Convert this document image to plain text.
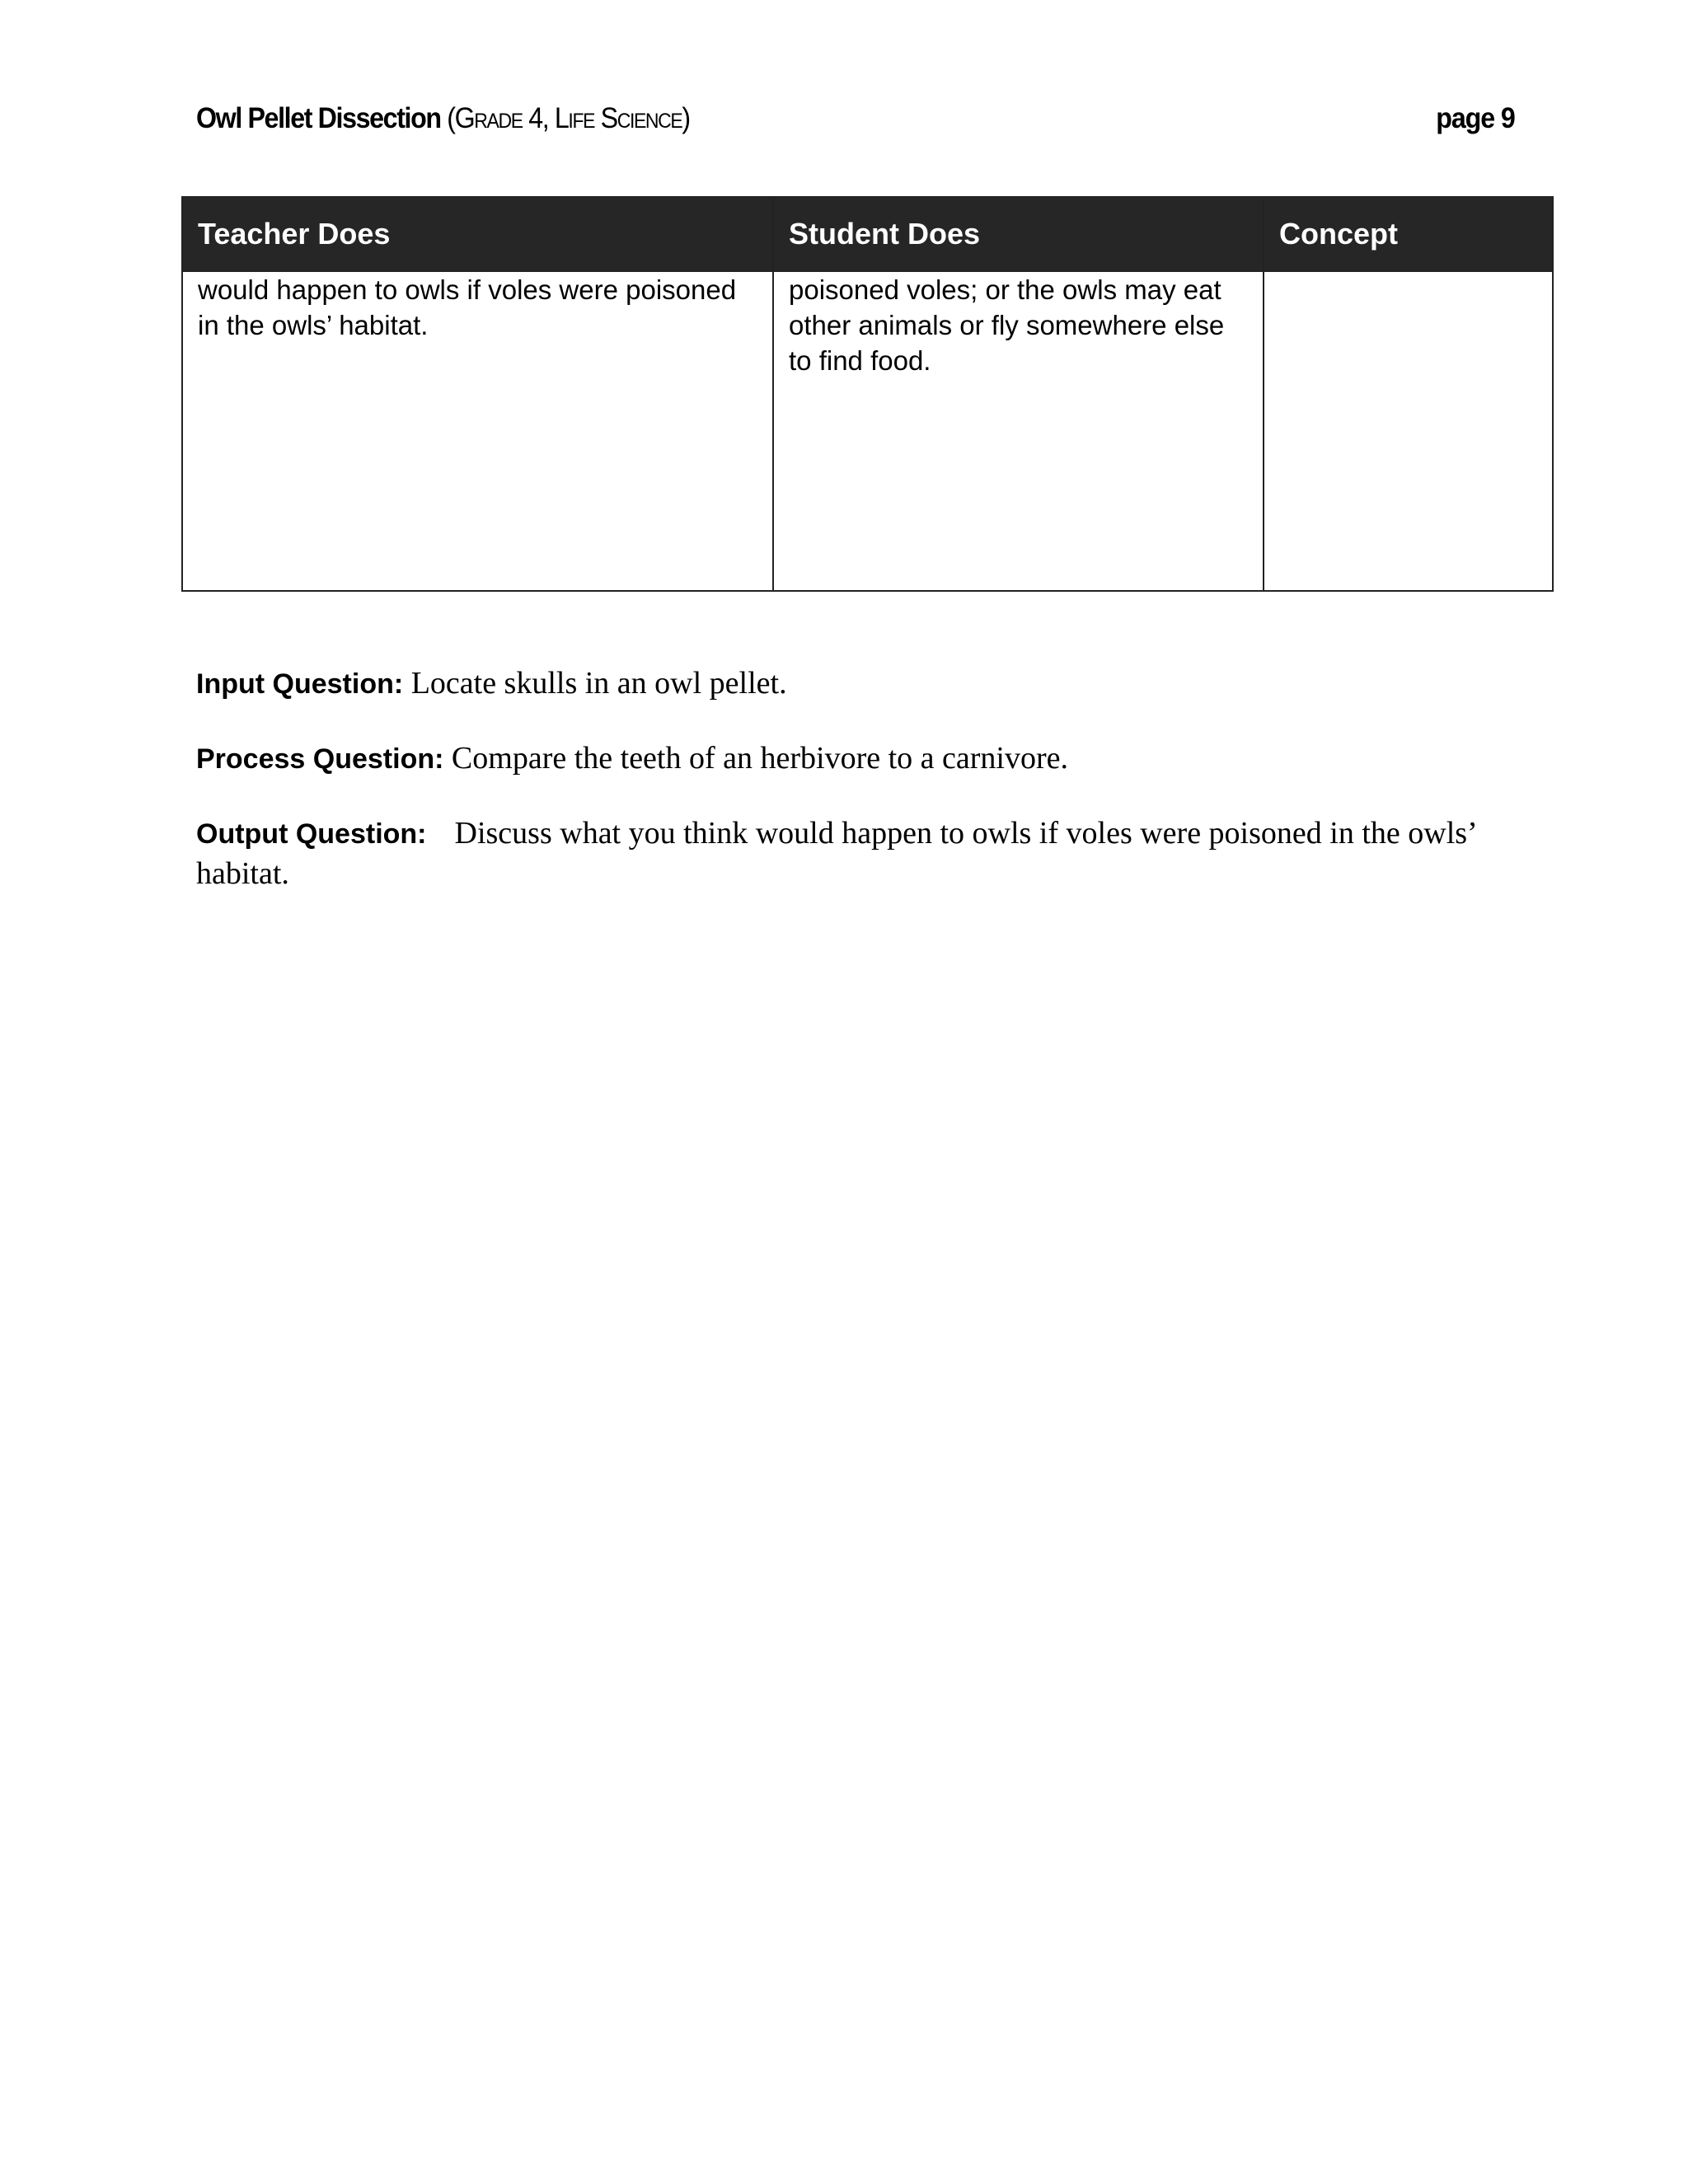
Owl Pellet Dissection (Grade 4, Life Science)	page 9
Teacher Does	Student Does	Concept
would happen to owls if voles were poisoned in the owls’ habitat.	poisoned voles; or the owls may eat other animals or fly somewhere else to find food.	

Input Question: Locate skulls in an owl pellet.

Process Question: Compare the teeth of an herbivore to a carnivore.

Output Question: Discuss what you think would happen to owls if voles were poisoned in the owls’ habitat.
